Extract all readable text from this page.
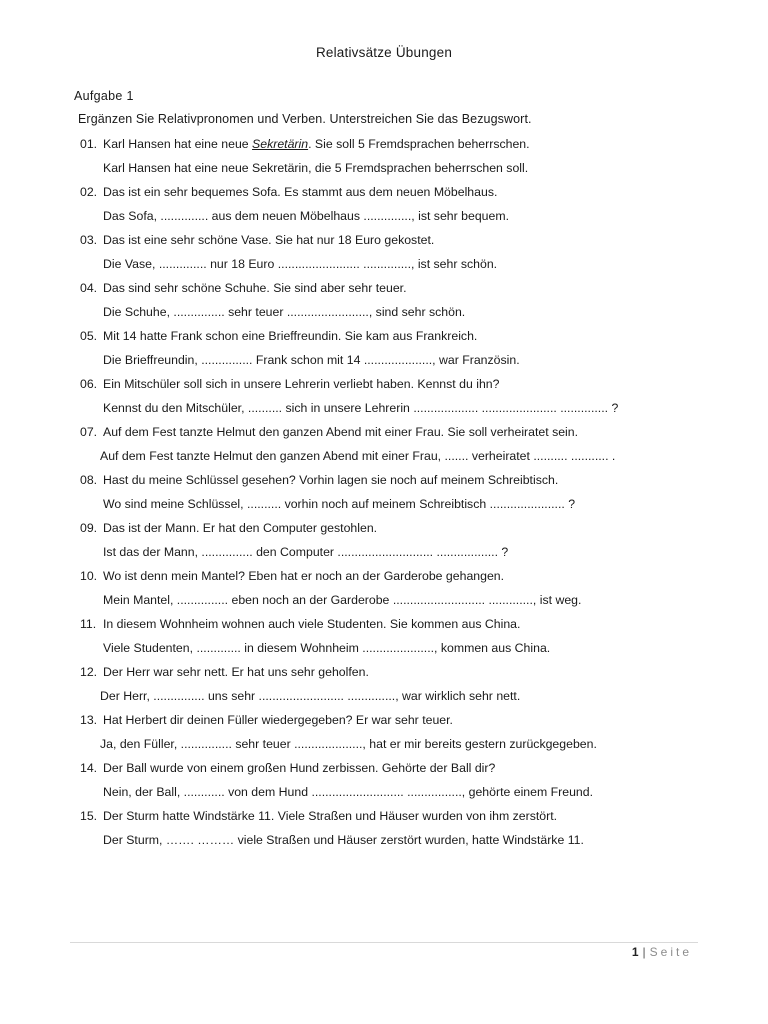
Relativsätze Übungen
Aufgabe 1
Ergänzen Sie Relativpronomen und Verben. Unterstreichen Sie das Bezugswort.
01. Karl Hansen hat eine neue Sekretärin. Sie soll 5 Fremdsprachen beherrschen.
Karl Hansen hat eine neue Sekretärin, die 5 Fremdsprachen beherrschen soll.
02. Das ist ein sehr bequemes Sofa. Es stammt aus dem neuen Möbelhaus.
Das Sofa, .............. aus dem neuen Möbelhaus .............., ist sehr bequem.
03. Das ist eine sehr schöne Vase. Sie hat nur 18 Euro gekostet.
Die Vase, .............. nur 18 Euro ........................ .............., ist sehr schön.
04. Das sind sehr schöne Schuhe. Sie sind aber sehr teuer.
Die Schuhe, ............... sehr teuer ........................, sind sehr schön.
05. Mit 14 hatte Frank schon eine Brieffreundin. Sie kam aus Frankreich.
Die Brieffreundin, ............... Frank schon mit 14 ...................., war Französin.
06. Ein Mitschüler soll sich in unsere Lehrerin verliebt haben. Kennst du ihn?
Kennst du den Mitschüler, .......... sich in unsere Lehrerin ................... ...................... .............. ?
07. Auf dem Fest tanzte Helmut den ganzen Abend mit einer Frau. Sie soll verheiratet sein.
Auf dem Fest tanzte Helmut den ganzen Abend mit einer Frau, ....... verheiratet .......... ........... .
08. Hast du meine Schlüssel gesehen? Vorhin lagen sie noch auf meinem Schreibtisch.
Wo sind meine Schlüssel, .......... vorhin noch auf meinem Schreibtisch ...................... ?
09. Das ist der Mann. Er hat den Computer gestohlen.
Ist das der Mann, ............... den Computer ............................ .................. ?
10. Wo ist denn mein Mantel? Eben hat er noch an der Garderobe gehangen.
Mein Mantel, ............... eben noch an der Garderobe ........................... ............., ist weg.
11. In diesem Wohnheim wohnen auch viele Studenten. Sie kommen aus China.
Viele Studenten, ............. in diesem Wohnheim ....................., kommen aus China.
12. Der Herr war sehr nett. Er hat uns sehr geholfen.
Der Herr, ............... uns sehr ......................... .............., war wirklich sehr nett.
13. Hat Herbert dir deinen Füller wiedergegeben? Er war sehr teuer.
Ja, den Füller, ............... sehr teuer ...................., hat er mir bereits gestern zurückgegeben.
14. Der Ball wurde von einem großen Hund zerbissen. Gehörte der Ball dir?
Nein, der Ball, ............ von dem Hund ........................... ................, gehörte einem Freund.
15. Der Sturm hatte Windstärke 11. Viele Straßen und Häuser wurden von ihm zerstört.
Der Sturm, ……. ……… viele Straßen und Häuser zerstört wurden, hatte Windstärke 11.
1 | Seite
